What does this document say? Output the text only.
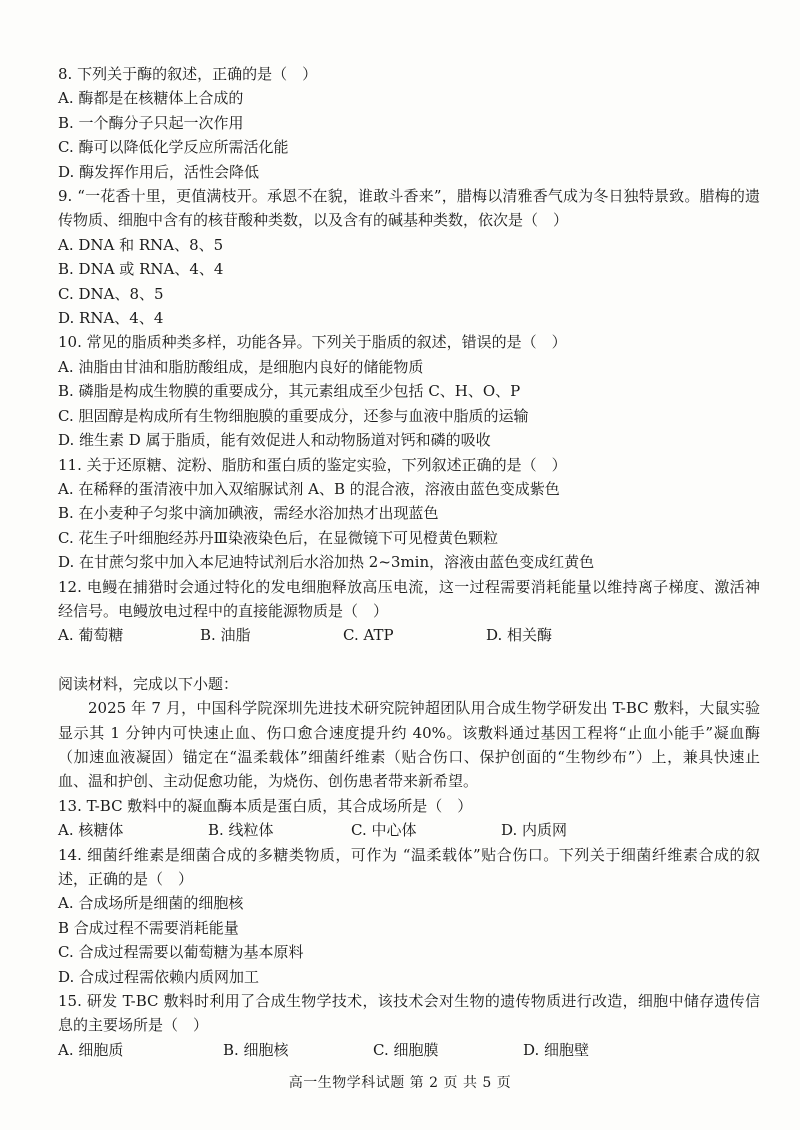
8. 下列关于酶的叙述，正确的是（　）
A. 酶都是在核糖体上合成的
B. 一个酶分子只起一次作用
C. 酶可以降低化学反应所需活化能
D. 酶发挥作用后，活性会降低
9. “一花香十里，更值满枝开。承恩不在貌，谁敢斗香来”，腊梅以清雅香气成为冬日独特景致。腊梅的遗传物质、细胞中含有的核苷酸种类数，以及含有的碱基种类数，依次是（　）
A. DNA 和 RNA、8、5
B. DNA 或 RNA、4、4
C. DNA、8、5
D. RNA、4、4
10. 常见的脂质种类多样，功能各异。下列关于脂质的叙述，错误的是（　）
A. 油脂由甘油和脂肪酸组成，是细胞内良好的储能物质
B. 磷脂是构成生物膜的重要成分，其元素组成至少包括 C、H、O、P
C. 胆固醇是构成所有生物细胞膜的重要成分，还参与血液中脂质的运输
D. 维生素 D 属于脂质，能有效促进人和动物肠道对钙和磷的吸收
11. 关于还原糖、淀粉、脂肪和蛋白质的鉴定实验，下列叙述正确的是（　）
A. 在稀释的蛋清液中加入双缩脲试剂 A、B 的混合液，溶液由蓝色变成紫色
B. 在小麦种子匀浆中滴加碘液，需经水浴加热才出现蓝色
C. 花生子叶细胞经苏丹Ⅲ染液染色后，在显微镜下可见橙黄色颗粒
D. 在甘蔗匀浆中加入本尼迪特试剂后水浴加热 2~3min，溶液由蓝色变成红黄色
12. 电鳗在捕猎时会通过特化的发电细胞释放高压电流，这一过程需要消耗能量以维持离子梯度、激活神经信号。电鳗放电过程中的直接能源物质是（　）
A. 葡萄糖	B. 油脂	C. ATP	D. 相关酶
阅读材料，完成以下小题：
2025 年 7 月，中国科学院深圳先进技术研究院钟超团队用合成生物学研发出 T-BC 敷料，大鼠实验显示其 1 分钟内可快速止血、伤口愈合速度提升约 40%。该敷料通过基因工程将“止血小能手”凝血酶（加速血液凝固）锚定在“温柔载体”细菌纤维素（贴合伤口、保护创面的“生物纱布”）上，兼具快速止血、温和护创、主动促愈功能，为烧伤、创伤患者带来新希望。
13. T-BC 敷料中的凝血酶本质是蛋白质，其合成场所是（　）
A. 核糖体	B. 线粒体	C. 中心体	D. 内质网
14. 细菌纤维素是细菌合成的多糖类物质，可作为 “温柔载体”贴合伤口。下列关于细菌纤维素合成的叙述，正确的是（　）
A. 合成场所是细菌的细胞核
B 合成过程不需要消耗能量
C. 合成过程需要以葡萄糖为基本原料
D. 合成过程需依赖内质网加工
15. 研发 T-BC 敷料时利用了合成生物学技术，该技术会对生物的遗传物质进行改造，细胞中储存遗传信息的主要场所是（　）
A. 细胞质	B. 细胞核	C. 细胞膜	D. 细胞壁
高一生物学科试题 第 2 页 共 5 页
